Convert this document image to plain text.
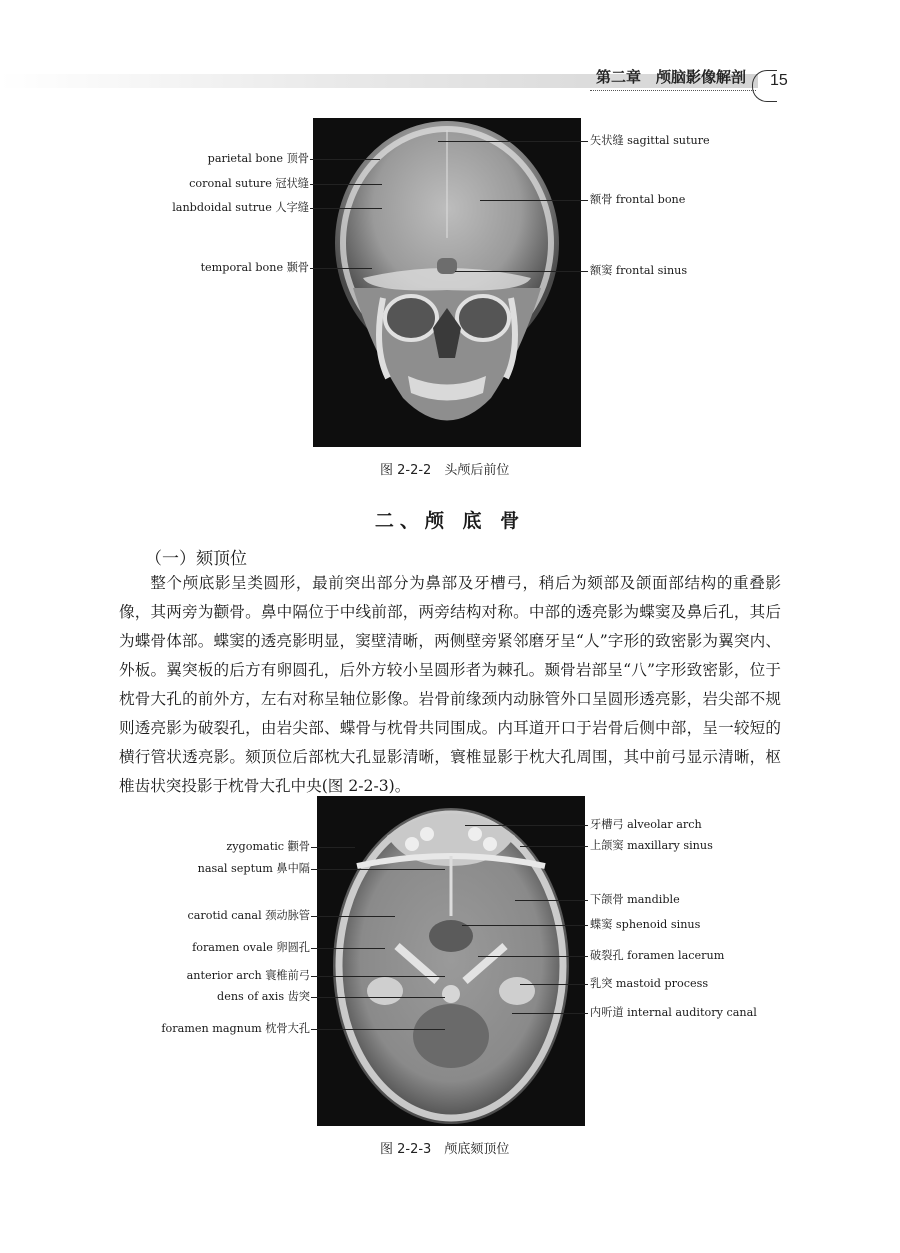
第二章　颅脑影像解剖 15
parietal bone 顶骨
coronal suture 冠状缝
lanbdoidal sutrue 人字缝
temporal bone 颞骨
矢状缝 sagittal suture
额骨 frontal bone
额窦 frontal sinus
图 2-2-2　头颅后前位
二、颅 底 骨
（一）颏顶位

整个颅底影呈类圆形，最前突出部分为鼻部及牙槽弓，稍后为颏部及颌面部结构的重叠影像，其两旁为颧骨。鼻中隔位于中线前部，两旁结构对称。中部的透亮影为蝶窦及鼻后孔，其后为蝶骨体部。蝶窦的透亮影明显，窦壁清晰，两侧壁旁紧邻磨牙呈“人”字形的致密影为翼突内、外板。翼突板的后方有卵圆孔，后外方较小呈圆形者为棘孔。颞骨岩部呈“八”字形致密影，位于枕骨大孔的前外方，左右对称呈轴位影像。岩骨前缘颈内动脉管外口呈圆形透亮影，岩尖部不规则透亮影为破裂孔，由岩尖部、蝶骨与枕骨共同围成。内耳道开口于岩骨后侧中部，呈一较短的横行管状透亮影。颏顶位后部枕大孔显影清晰，寰椎显影于枕大孔周围，其中前弓显示清晰，枢椎齿状突投影于枕骨大孔中央(图 2-2-3)。

zygomatic 颧骨
nasal septum 鼻中隔
carotid canal 颈动脉管
foramen ovale 卵圆孔
anterior arch 寰椎前弓
dens of axis 齿突
foramen magnum 枕骨大孔
牙槽弓 alveolar arch
上颌窦 maxillary sinus
下颌骨 mandible
蝶窦 sphenoid sinus
破裂孔 foramen lacerum
乳突 mastoid process
内听道 internal auditory canal
图 2-2-3　颅底颏顶位
